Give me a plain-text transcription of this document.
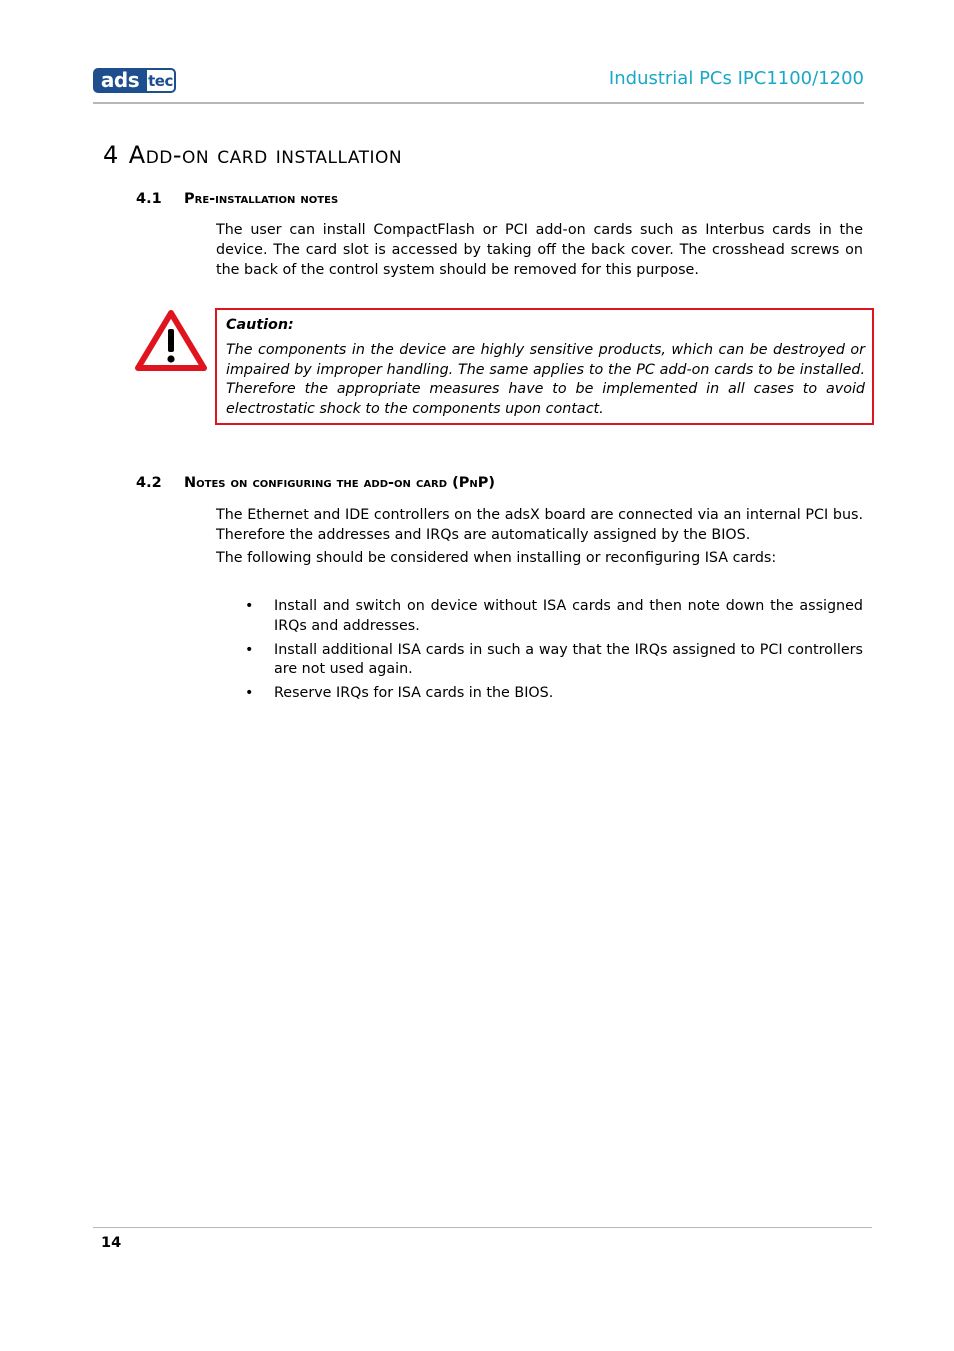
ads tec	Industrial PCs IPC1100/1200
4 Add-on card installation
4.1 Pre-installation notes

The user can install CompactFlash or PCI add-on cards such as Interbus cards in the device. The card slot is accessed by taking off the back cover. The crosshead screws on the back of the control system should be removed for this purpose.

Caution:

The components in the device are highly sensitive products, which can be destroyed or impaired by improper handling. The same applies to the PC add-on cards to be installed. Therefore the appropriate measures have to be implemented in all cases to avoid electrostatic shock to the components upon contact.

4.2 Notes on configuring the add-on card (PnP)

The Ethernet and IDE controllers on the adsX board are connected via an internal PCI bus. Therefore the addresses and IRQs are automatically assigned by the BIOS.

The following should be considered when installing or reconfiguring ISA cards:

• Install and switch on device without ISA cards and then note down the assigned IRQs and addresses.
• Install additional ISA cards in such a way that the IRQs assigned to PCI controllers are not used again.
• Reserve IRQs for ISA cards in the BIOS.
14
